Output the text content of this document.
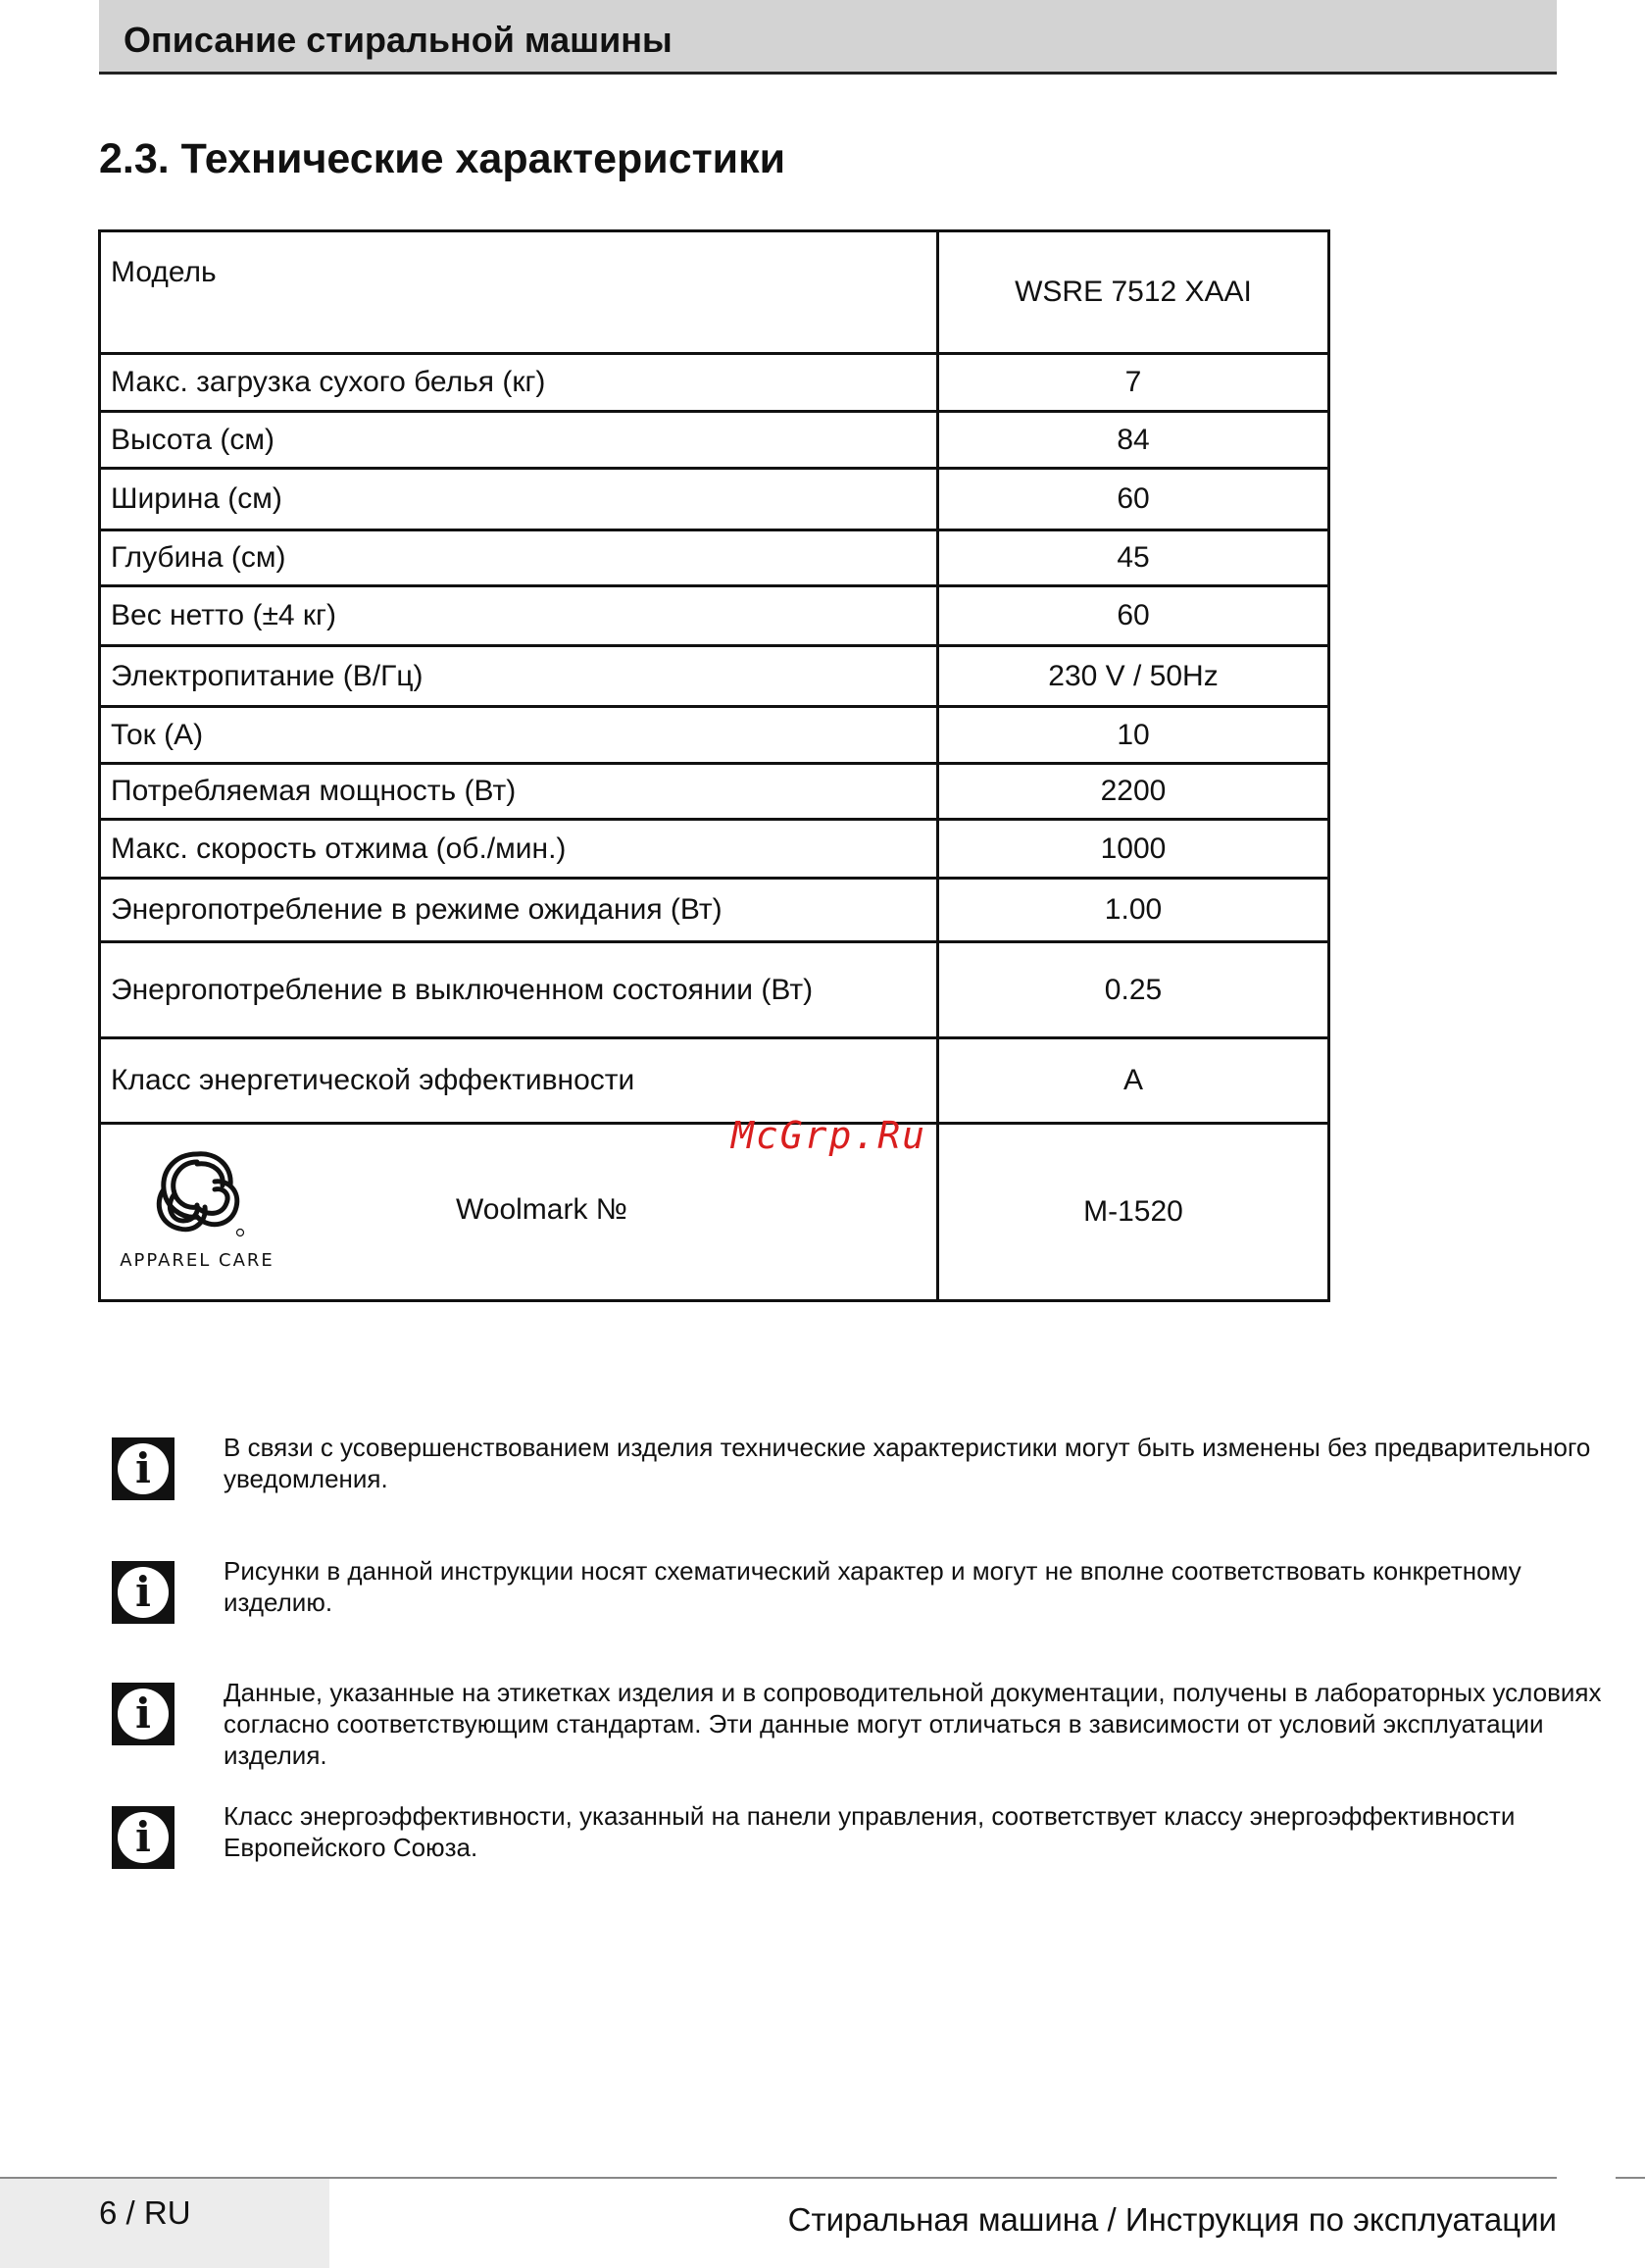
Описание стиральной машины
2.3. Технические характеристики
Модель	WSRE 7512 XAAI
Макс. загрузка сухого белья (кг)	7
Высота (см)	84
Ширина (см)	60
Глубина (см)	45
Вес нетто (±4 кг)	60
Электропитание (В/Гц)	230 V / 50Hz
Ток (A)	10
Потребляемая мощность (Вт)	2200
Макс. скорость отжима (об./мин.)	1000
Энергопотребление в режиме ожидания (Вт)	1.00
Энергопотребление в выключенном состоянии (Вт)	0.25
Класс энергетической эффективности	A

APPAREL CARE
Woolmark №	M-1520
McGrp.Ru
i	В связи с усовершенствованием изделия технические характеристики могут быть изменены без предварительного уведомления.
i	Рисунки в данной инструкции носят схематический характер и могут не вполне соответствовать конкретному изделию.
i	Данные, указанные на этикетках изделия и в сопроводительной документации, получены в лабораторных условиях согласно соответствующим стандартам. Эти данные могут отличаться в зависимости от условий эксплуатации изделия.
i	Класс энергоэффективности, указанный на панели управления, соответствует классу энергоэффективности Европейского Союза.
6 / RU	Стиральная машина / Инструкция по эксплуатации
